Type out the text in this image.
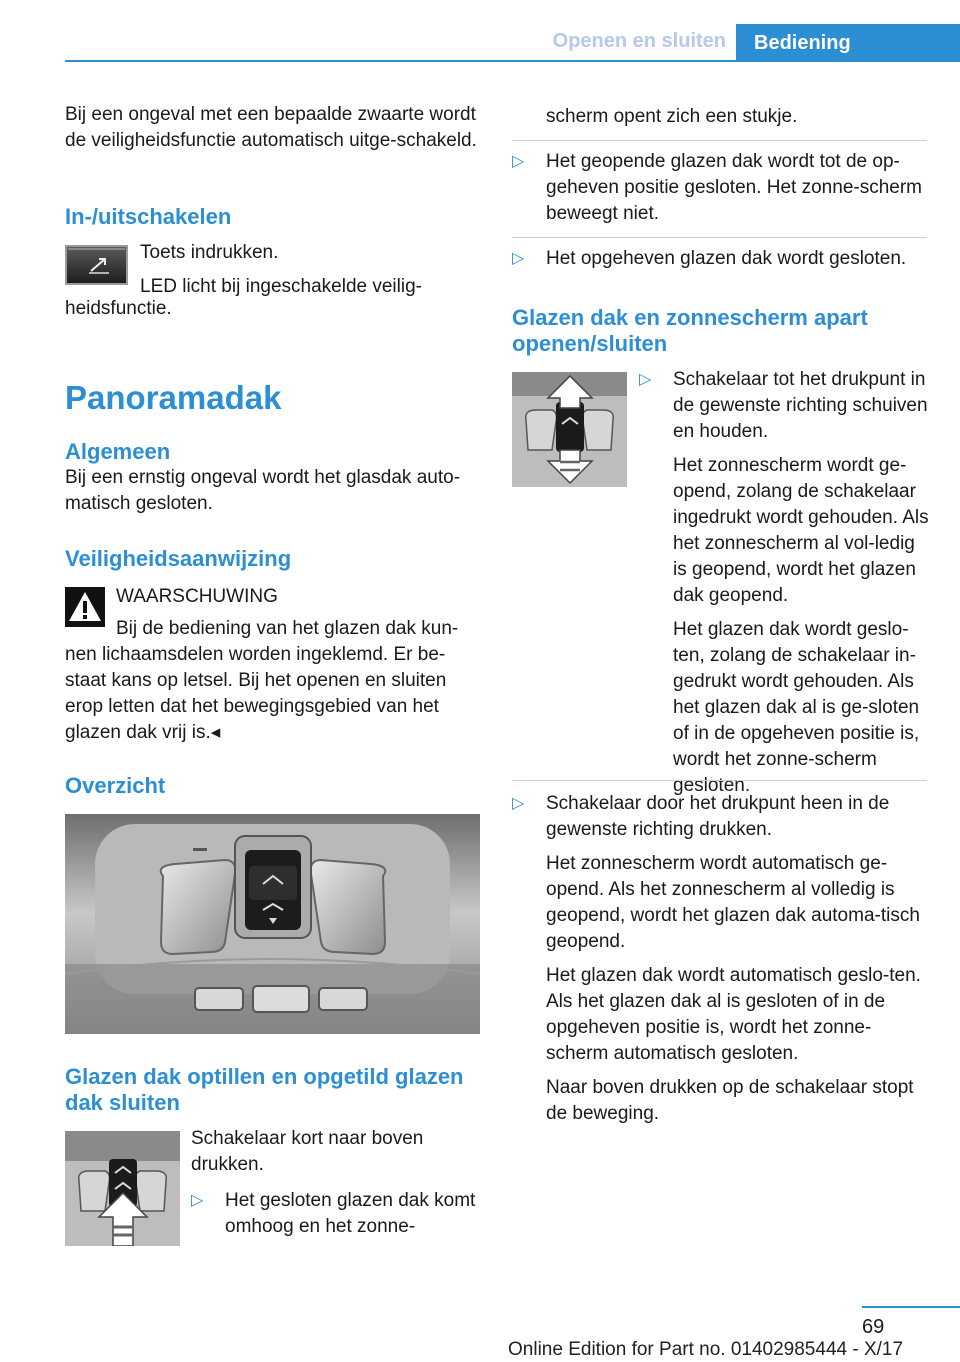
Openen en sluiten	Bediening

Bij een ongeval met een bepaalde zwaarte wordt de veiligheidsfunctie automatisch uitge-schakeld.

In-/uitschakelen

Toets indrukken.

LED licht bij ingeschakelde veilig-

heidsfunctie.

Panoramadak

Algemeen

Bij een ernstig ongeval wordt het glasdak auto-matisch gesloten.

Veiligheidsaanwijzing

WAARSCHUWING

Bij de bediening van het glazen dak kun-

nen lichaamsdelen worden ingeklemd. Er be-staat kans op letsel. Bij het openen en sluiten erop letten dat het bewegingsgebied van het glazen dak vrij is.◂

Overzicht

Glazen dak optillen en opgetild glazen dak sluiten

Schakelaar kort naar boven drukken.

▷ Het gesloten glazen dak komt omhoog en het zonne-

scherm opent zich een stukje.

▷ Het geopende glazen dak wordt tot de op-geheven positie gesloten. Het zonne-scherm beweegt niet.
▷ Het opgeheven glazen dak wordt gesloten.

Glazen dak en zonnescherm apart openen/sluiten

▷ Schakelaar tot het drukpunt in de gewenste richting schuiven en houden.

Het zonnescherm wordt ge-opend, zolang de schakelaar ingedrukt wordt gehouden. Als het zonnescherm al vol-ledig is geopend, wordt het glazen dak geopend.

Het glazen dak wordt geslo-ten, zolang de schakelaar in-gedrukt wordt gehouden. Als het glazen dak al is ge-sloten of in de opgeheven positie is, wordt het zonne-scherm gesloten.

▷ Schakelaar door het drukpunt heen in de gewenste richting drukken.

Het zonnescherm wordt automatisch ge-opend. Als het zonnescherm al volledig is geopend, wordt het glazen dak automa-tisch geopend.

Het glazen dak wordt automatisch geslo-ten. Als het glazen dak al is gesloten of in de opgeheven positie is, wordt het zonne-scherm automatisch gesloten.

Naar boven drukken op de schakelaar stopt de beweging.

69
Online Edition for Part no. 01402985444 - X/17
